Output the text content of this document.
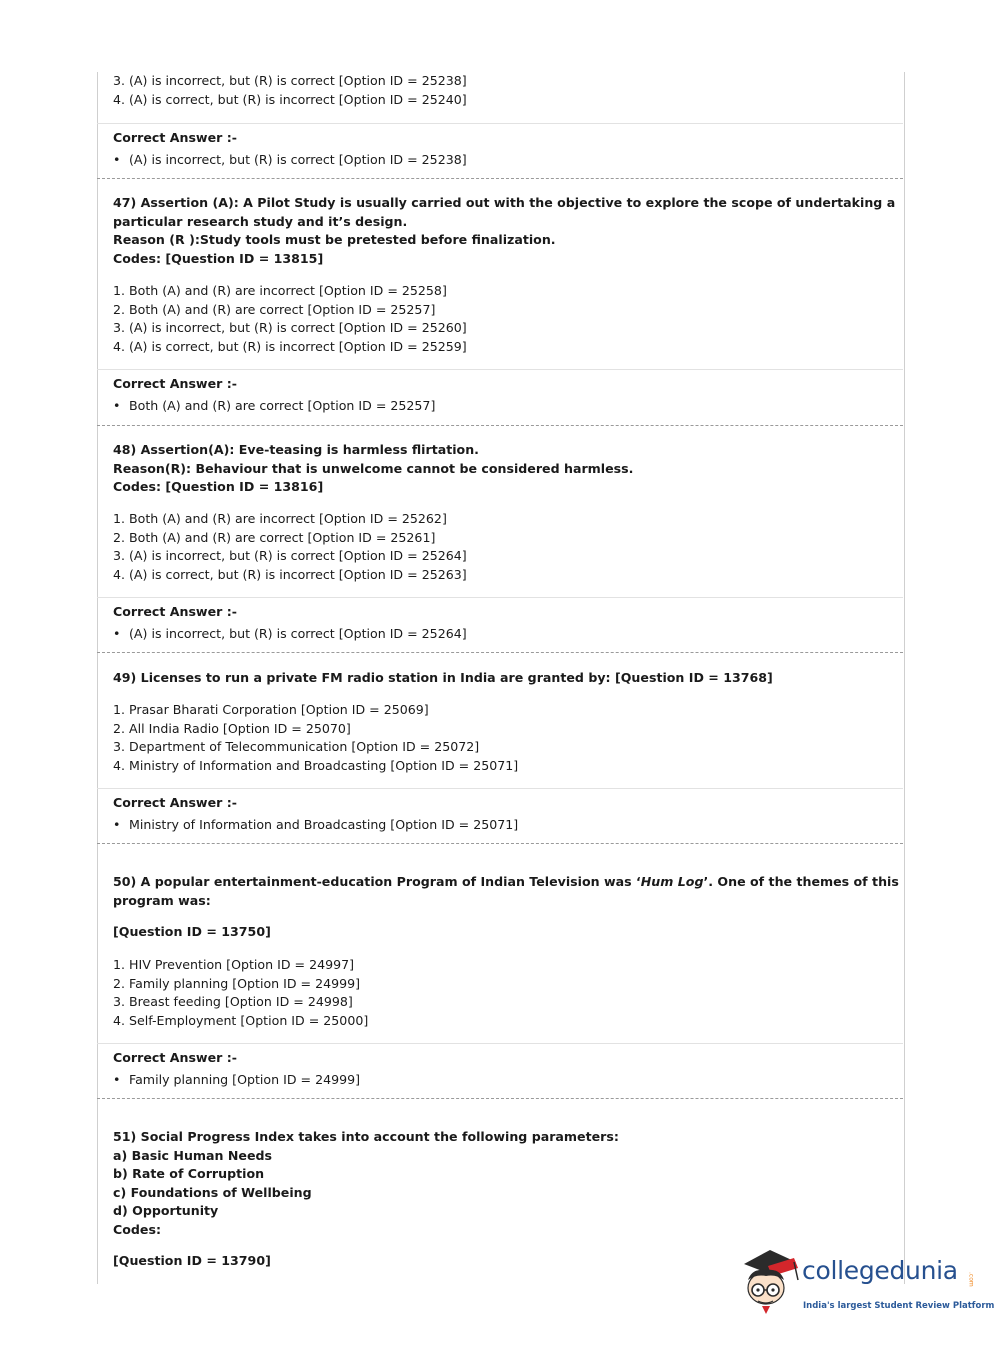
3. (A) is incorrect, but (R) is correct [Option ID = 25238]
4. (A) is correct, but (R) is incorrect [Option ID = 25240]
Correct Answer :-
• (A) is incorrect, but (R) is correct [Option ID = 25238]
47) Assertion (A): A Pilot Study is usually carried out with the objective to explore the scope of undertaking a
particular research study and it’s design.
Reason (R ):Study tools must be pretested before finalization.
Codes: [Question ID = 13815]
1. Both (A) and (R) are incorrect [Option ID = 25258]
2. Both (A) and (R) are correct [Option ID = 25257]
3. (A) is incorrect, but (R) is correct [Option ID = 25260]
4. (A) is correct, but (R) is incorrect [Option ID = 25259]
Correct Answer :-
• Both (A) and (R) are correct [Option ID = 25257]
48) Assertion(A): Eve-teasing is harmless flirtation.
Reason(R): Behaviour that is unwelcome cannot be considered harmless.
Codes: [Question ID = 13816]
1. Both (A) and (R) are incorrect [Option ID = 25262]
2. Both (A) and (R) are correct [Option ID = 25261]
3. (A) is incorrect, but (R) is correct [Option ID = 25264]
4. (A) is correct, but (R) is incorrect [Option ID = 25263]
Correct Answer :-
• (A) is incorrect, but (R) is correct [Option ID = 25264]
49) Licenses to run a private FM radio station in India are granted by: [Question ID = 13768]
1. Prasar Bharati Corporation [Option ID = 25069]
2. All India Radio [Option ID = 25070]
3. Department of Telecommunication [Option ID = 25072]
4. Ministry of Information and Broadcasting [Option ID = 25071]
Correct Answer :-
• Ministry of Information and Broadcasting [Option ID = 25071]
50) A popular entertainment-education Program of Indian Television was ‘Hum Log’. One of the themes of this
program was:
[Question ID = 13750]
1. HIV Prevention [Option ID = 24997]
2. Family planning [Option ID = 24999]
3. Breast feeding [Option ID = 24998]
4. Self-Employment [Option ID = 25000]
Correct Answer :-
• Family planning [Option ID = 24999]
51) Social Progress Index takes into account the following parameters:
a) Basic Human Needs
b) Rate of Corruption
c) Foundations of Wellbeing
d) Opportunity
Codes:
[Question ID = 13790]	collegedunia	.com
India's largest Student Review Platform
